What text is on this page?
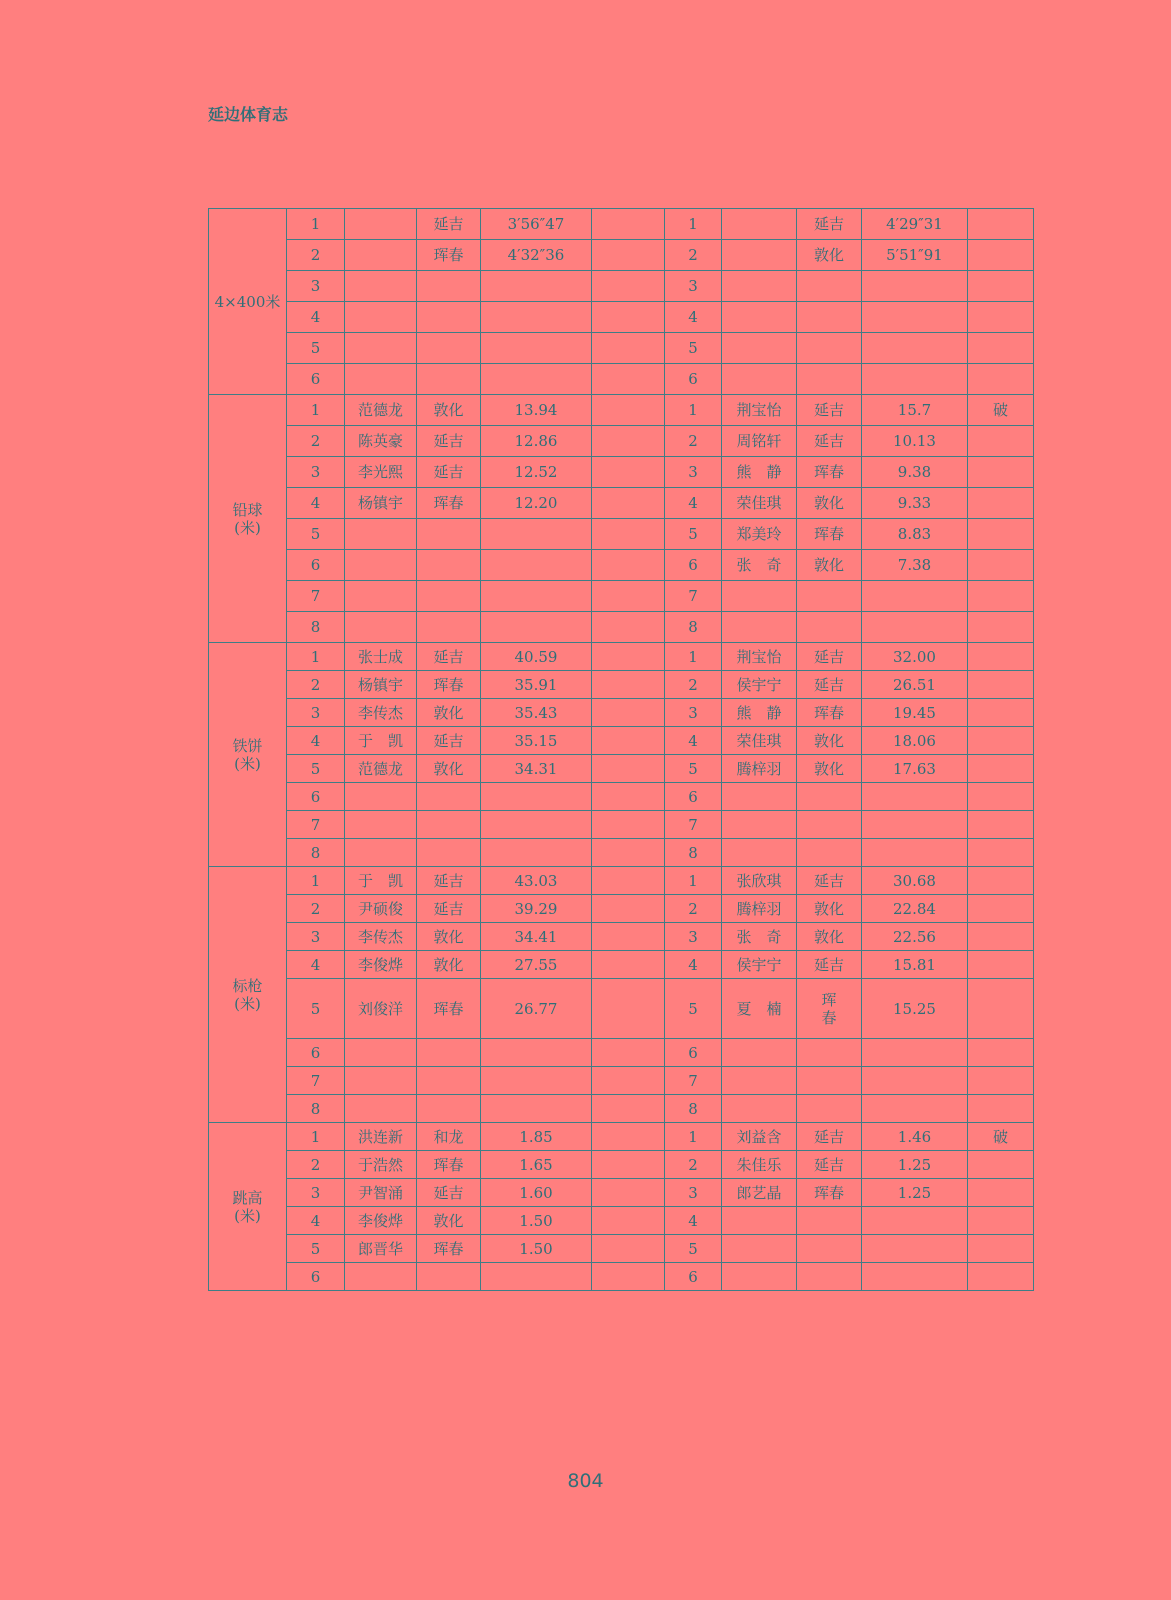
延边体育志
4×400米	1		延吉	3′56″47		1		延吉	4′29″31	
	2		珲春	4′32″36		2		敦化	5′51″91	
	3					3				
	4					4				
	5					5				
	6					6				

铅球
(米)	1	范德龙	敦化	13.94		1	荆宝怡	延吉	15.7	破
	2	陈英豪	延吉	12.86		2	周铭轩	延吉	10.13	
	3	李光熙	延吉	12.52		3	熊　静	珲春	9.38	
	4	杨镇宇	珲春	12.20		4	荣佳琪	敦化	9.33	
	5					5	郑美玲	珲春	8.83	
	6					6	张　奇	敦化	7.38	
	7					7				
	8					8				

铁饼
(米)	1	张士成	延吉	40.59		1	荆宝怡	延吉	32.00	
	2	杨镇宇	珲春	35.91		2	侯宇宁	延吉	26.51	
	3	李传杰	敦化	35.43		3	熊　静	珲春	19.45	
	4	于　凯	延吉	35.15		4	荣佳琪	敦化	18.06	
	5	范德龙	敦化	34.31		5	腾梓羽	敦化	17.63	
	6					6				
	7					7				
	8					8				

标枪
(米)	1	于　凯	延吉	43.03		1	张欣琪	延吉	30.68	
	2	尹硕俊	延吉	39.29		2	腾梓羽	敦化	22.84	
	3	李传杰	敦化	34.41		3	张　奇	敦化	22.56	
	4	李俊烨	敦化	27.55		4	侯宇宁	延吉	15.81	
	5	刘俊洋	珲春	26.77		5	夏　楠	珲春	15.25	
	6					6				
	7					7				
	8					8				

跳高
(米)	1	洪连新	和龙	1.85		1	刘益含	延吉	1.46	破
	2	于浩然	珲春	1.65		2	朱佳乐	延吉	1.25	
	3	尹智涌	延吉	1.60		3	郎艺晶	珲春	1.25	
	4	李俊烨	敦化	1.50		4				
	5	郎晋华	珲春	1.50		5				
	6					6				
804
